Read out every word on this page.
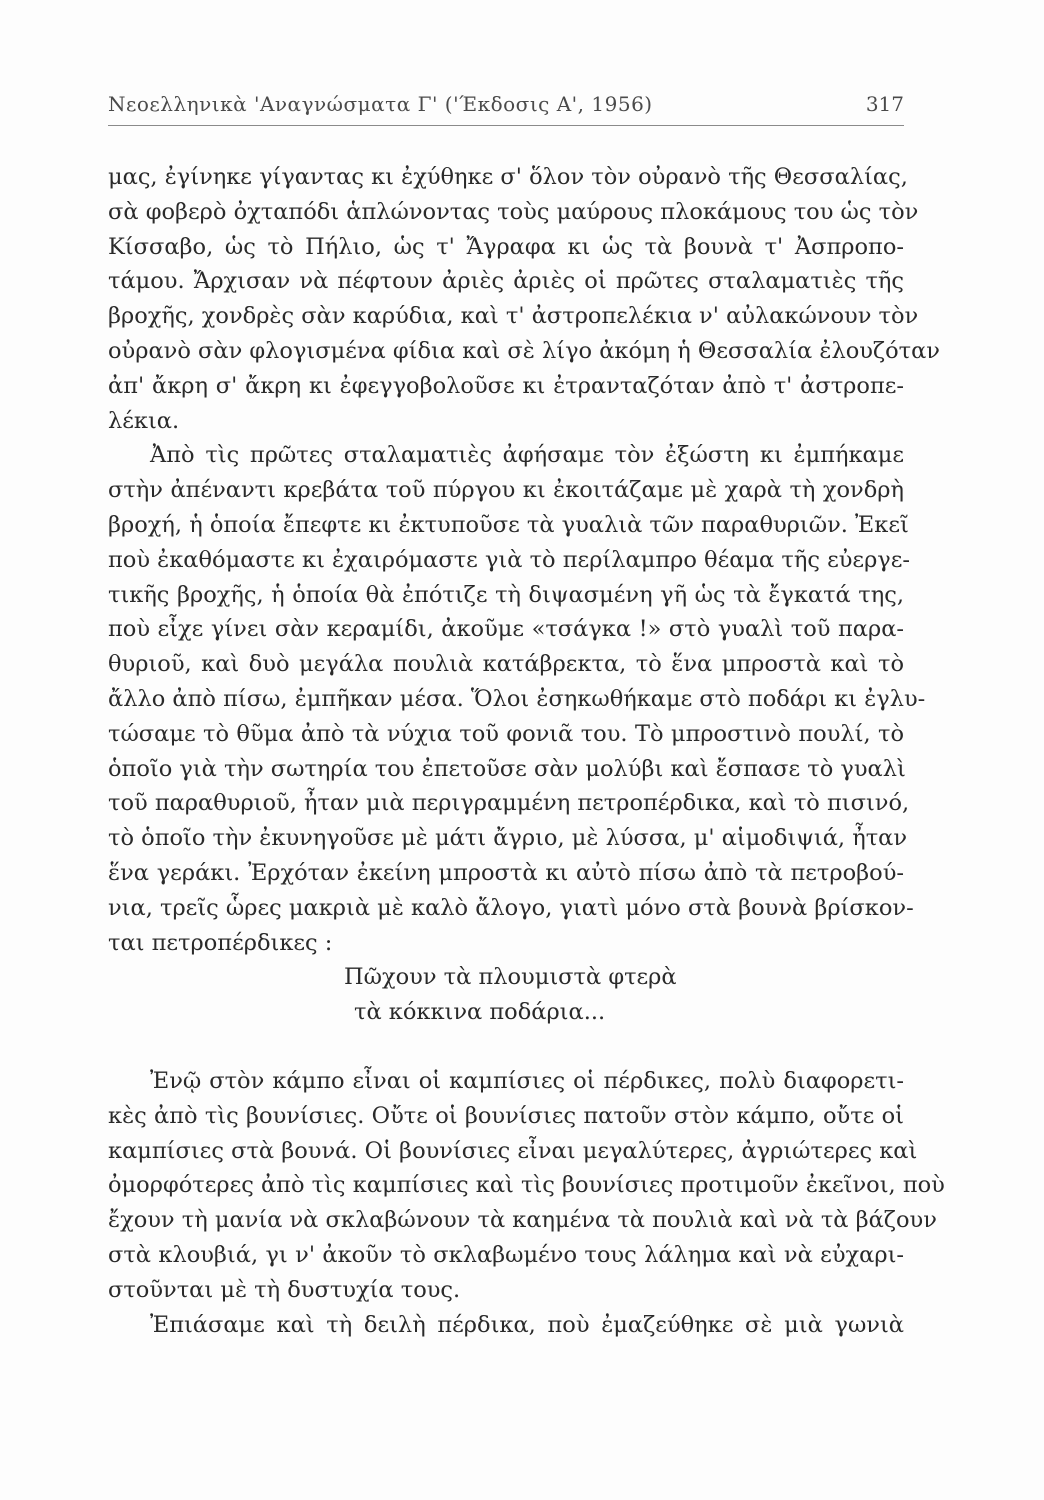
Νεοελληνικὰ 'Αναγνώσματα Γ' ('Έκδοσις Α', 1956)	317
μας, ἐγίνηκε γίγαντας κι ἐχύθηκε σ' ὅλον τὸν οὐρανὸ τῆς Θεσσαλίας,
σὰ φοβερὸ ὀχταπόδι ἁπλώνοντας τοὺς μαύρους πλοκάμους του ὡς τὸν
Κίσσαβο, ὡς τὸ Πήλιο, ὡς τ' Ἄγραφα κι ὡς τὰ βουνὰ τ' Ἀσπροπο-
τάμου. Ἄρχισαν νὰ πέφτουν ἀριὲς ἀριὲς οἱ πρῶτες σταλαματιὲς τῆς
βροχῆς, χονδρὲς σὰν καρύδια, καὶ τ' ἀστροπελέκια ν' αὐλακώνουν τὸν
οὐρανὸ σὰν φλογισμένα φίδια καὶ σὲ λίγο ἀκόμη ἡ Θεσσαλία ἐλουζόταν
ἀπ' ἄκρη σ' ἄκρη κι ἐφεγγοβολοῦσε κι ἐτρανταζόταν ἀπὸ τ' ἀστροπε-
λέκια.
Ἀπὸ τὶς πρῶτες σταλαματιὲς ἀφήσαμε τὸν ἐξώστη κι ἐμπήκαμε
στὴν ἀπέναντι κρεβάτα τοῦ πύργου κι ἐκοιτάζαμε μὲ χαρὰ τὴ χονδρὴ
βροχή, ἡ ὁποία ἔπεφτε κι ἐκτυποῦσε τὰ γυαλιὰ τῶν παραθυριῶν. Ἐκεῖ
ποὺ ἐκαθόμαστε κι ἐχαιρόμαστε γιὰ τὸ περίλαμπρο θέαμα τῆς εὐεργε-
τικῆς βροχῆς, ἡ ὁποία θὰ ἐπότιζε τὴ διψασμένη γῆ ὡς τὰ ἔγκατά της,
ποὺ εἶχε γίνει σὰν κεραμίδι, ἀκοῦμε «τσάγκα !» στὸ γυαλὶ τοῦ παρα-
θυριοῦ, καὶ δυὸ μεγάλα πουλιὰ κατάβρεκτα, τὸ ἕνα μπροστὰ καὶ τὸ
ἄλλο ἀπὸ πίσω, ἐμπῆκαν μέσα. Ὅλοι ἐσηκωθήκαμε στὸ ποδάρι κι ἐγλυ-
τώσαμε τὸ θῦμα ἀπὸ τὰ νύχια τοῦ φονιᾶ του. Τὸ μπροστινὸ πουλί, τὸ
ὁποῖο γιὰ τὴν σωτηρία του ἐπετοῦσε σὰν μολύβι καὶ ἔσπασε τὸ γυαλὶ
τοῦ παραθυριοῦ, ἦταν μιὰ περιγραμμένη πετροπέρδικα, καὶ τὸ πισινό,
τὸ ὁποῖο τὴν ἐκυνηγοῦσε μὲ μάτι ἄγριο, μὲ λύσσα, μ' αἱμοδιψιά, ἦταν
ἕνα γεράκι. Ἐρχόταν ἐκείνη μπροστὰ κι αὐτὸ πίσω ἀπὸ τὰ πετροβού-
νια, τρεῖς ὧρες μακριὰ μὲ καλὸ ἄλογο, γιατὶ μόνο στὰ βουνὰ βρίσκον-
ται πετροπέρδικες :
Πῶχουν τὰ πλουμιστὰ φτερὰ
τὰ κόκκινα ποδάρια...
Ἐνῷ στὸν κάμπο εἶναι οἱ καμπίσιες οἱ πέρδικες, πολὺ διαφορετι-
κὲς ἀπὸ τὶς βουνίσιες. Οὔτε οἱ βουνίσιες πατοῦν στὸν κάμπο, οὔτε οἱ
καμπίσιες στὰ βουνά. Οἱ βουνίσιες εἶναι μεγαλύτερες, ἀγριώτερες καὶ
ὀμορφότερες ἀπὸ τὶς καμπίσιες καὶ τὶς βουνίσιες προτιμοῦν ἐκεῖνοι, ποὺ
ἔχουν τὴ μανία νὰ σκλαβώνουν τὰ καημένα τὰ πουλιὰ καὶ νὰ τὰ βάζουν
στὰ κλουβιά, γι ν' ἀκοῦν τὸ σκλαβωμένο τους λάλημα καὶ νὰ εὐχαρι-
στοῦνται μὲ τὴ δυστυχία τους.
Ἐπιάσαμε καὶ τὴ δειλὴ πέρδικα, ποὺ ἐμαζεύθηκε σὲ μιὰ γωνιὰ
